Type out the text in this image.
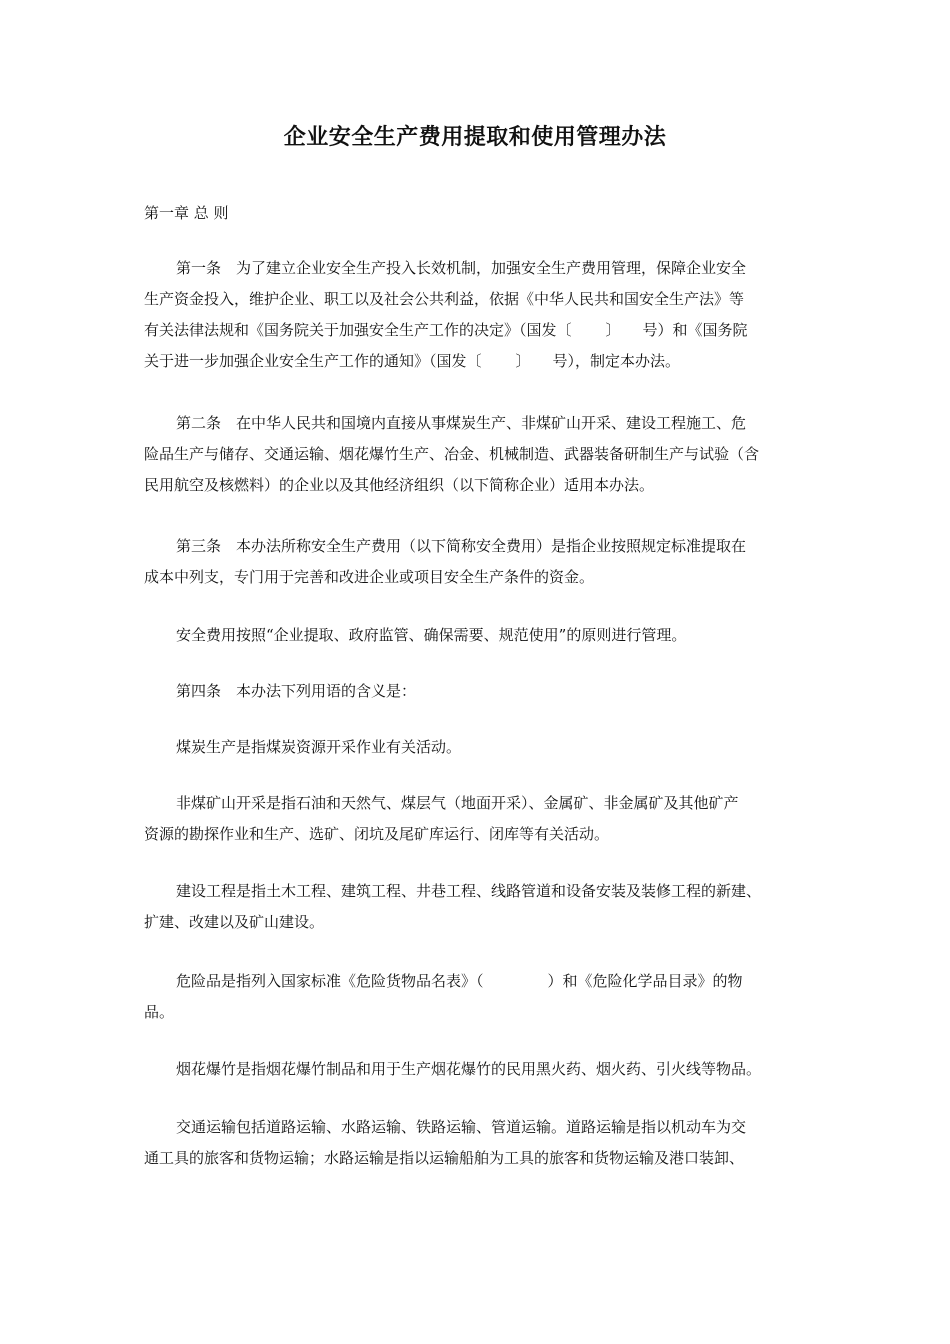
企业安全生产费用提取和使用管理办法
第一章 总 则
第一条　为了建立企业安全生产投入长效机制，加强安全生产费用管理，保障企业安全
生产资金投入，维护企业、职工以及社会公共利益，依据《中华人民共和国安全生产法》等
有关法律法规和《国务院关于加强安全生产工作的决定》（国发〔 〕 号）和《国务院
关于进一步加强企业安全生产工作的通知》（国发〔 〕 号），制定本办法。
第二条　在中华人民共和国境内直接从事煤炭生产、非煤矿山开采、建设工程施工、危
险品生产与储存、交通运输、烟花爆竹生产、冶金、机械制造、武器装备研制生产与试验（含
民用航空及核燃料）的企业以及其他经济组织（以下简称企业）适用本办法。
第三条　本办法所称安全生产费用（以下简称安全费用）是指企业按照规定标准提取在
成本中列支，专门用于完善和改进企业或项目安全生产条件的资金。
安全费用按照“企业提取、政府监管、确保需要、规范使用”的原则进行管理。
第四条　本办法下列用语的含义是：
煤炭生产是指煤炭资源开采作业有关活动。
非煤矿山开采是指石油和天然气、煤层气（地面开采）、金属矿、非金属矿及其他矿产
资源的勘探作业和生产、选矿、闭坑及尾矿库运行、闭库等有关活动。
建设工程是指土木工程、建筑工程、井巷工程、线路管道和设备安装及装修工程的新建、
扩建、改建以及矿山建设。
危险品是指列入国家标准《危险货物品名表》（	）和《危险化学品目录》的物
品。
烟花爆竹是指烟花爆竹制品和用于生产烟花爆竹的民用黑火药、烟火药、引火线等物品。
交通运输包括道路运输、水路运输、铁路运输、管道运输。道路运输是指以机动车为交
通工具的旅客和货物运输；水路运输是指以运输船舶为工具的旅客和货物运输及港口装卸、
